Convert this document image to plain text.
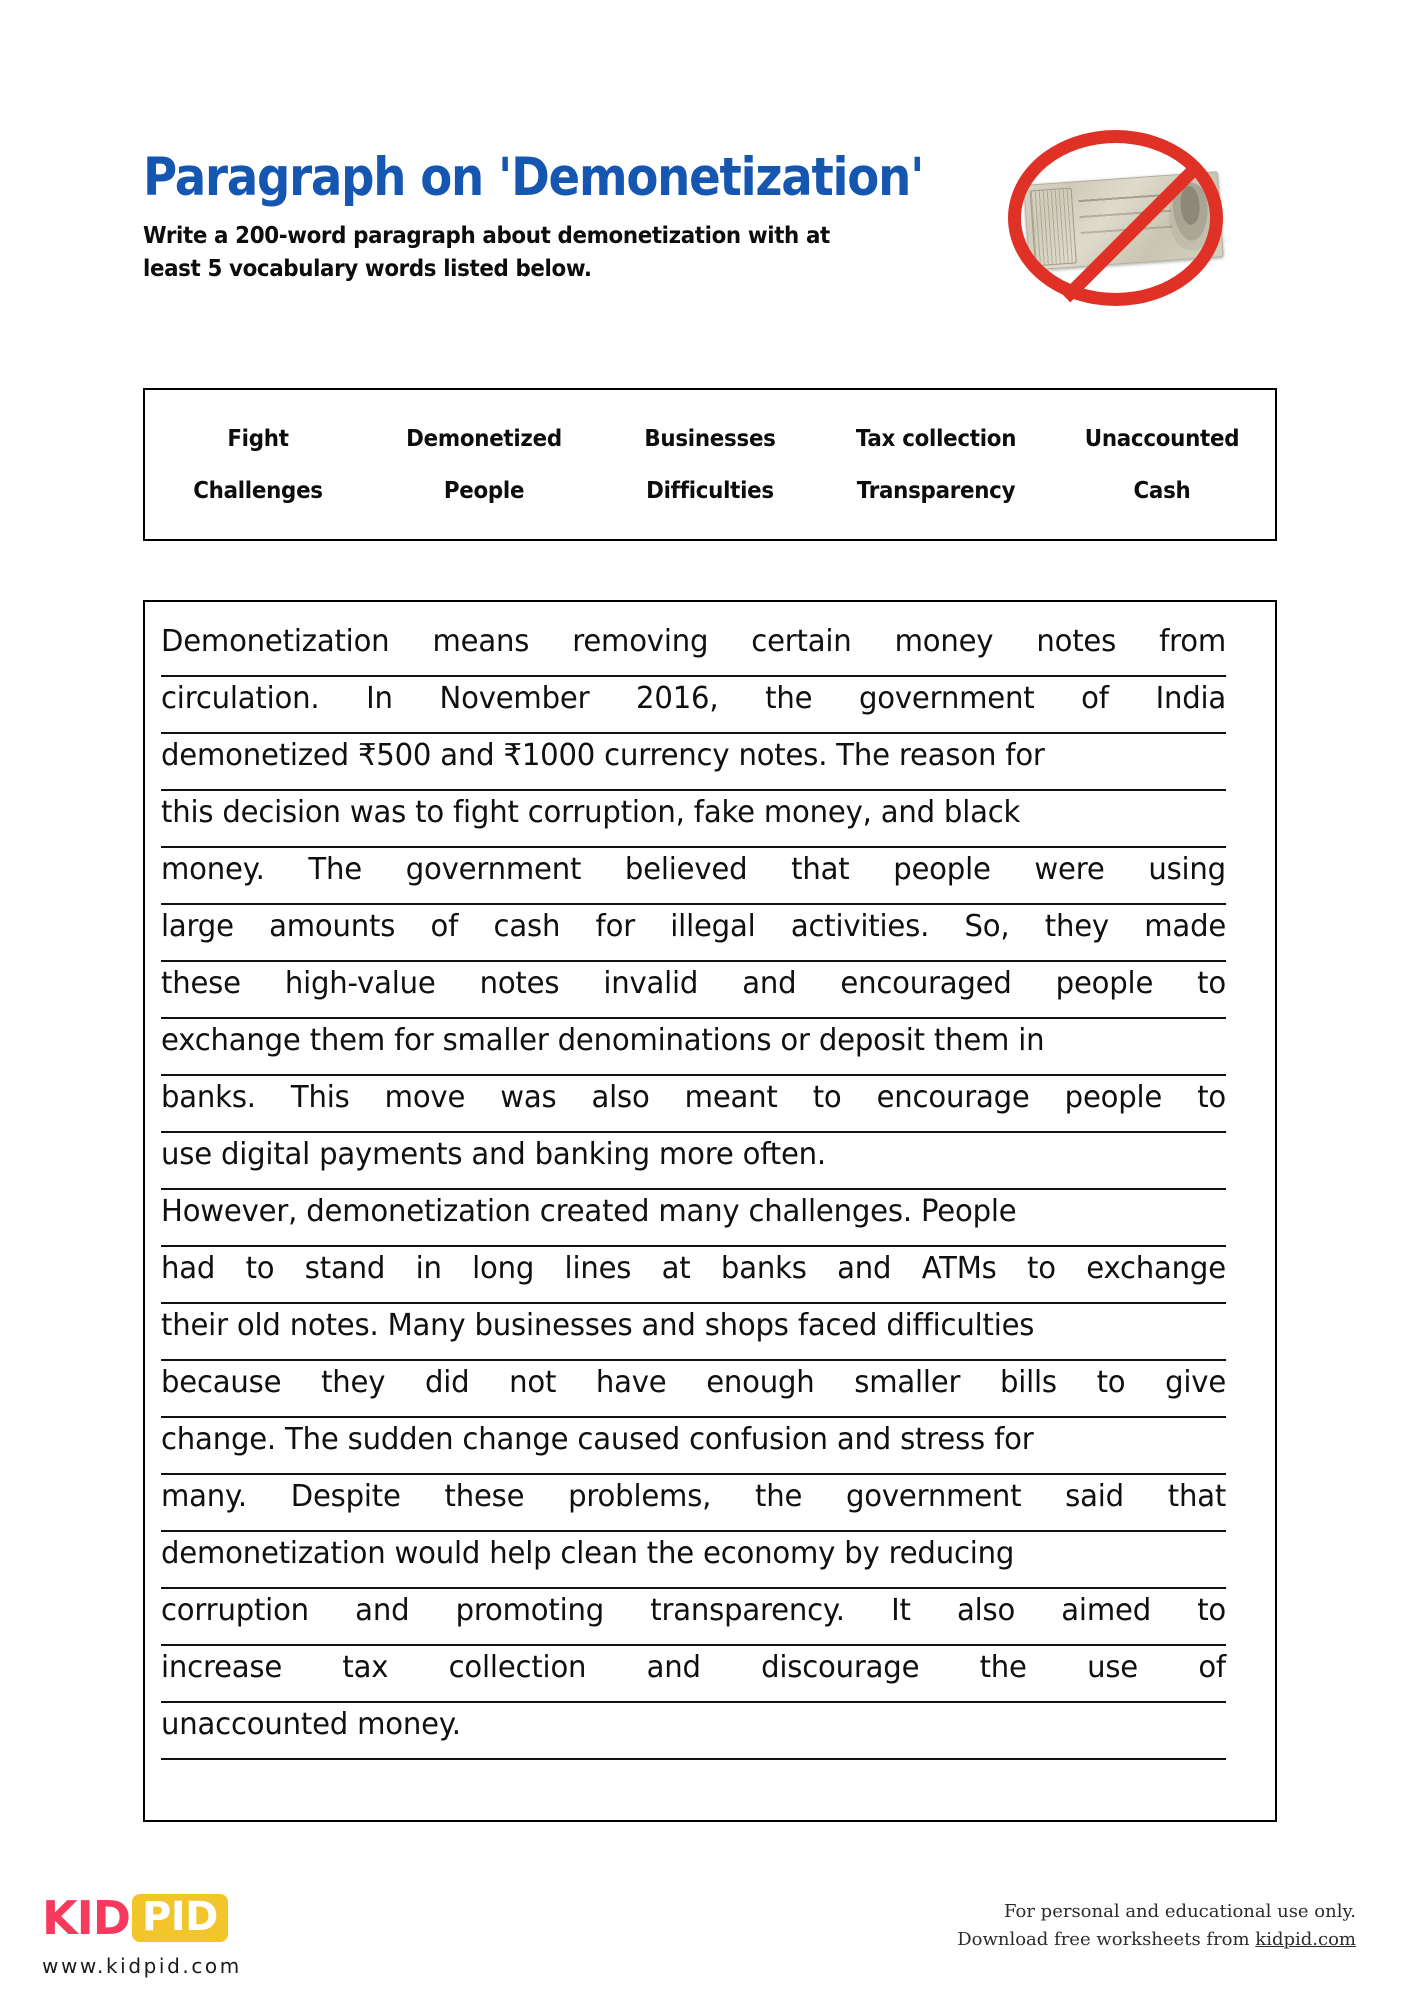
Paragraph on 'Demonetization'
Write a 200-word paragraph about demonetization with at
least 5 vocabulary words listed below.
Fight	Demonetized	Businesses	Tax collection	Unaccounted
Challenges	People	Difficulties	Transparency	Cash
Demonetization means removing certain money notes from
circulation. In November 2016, the government of India
demonetized ₹500 and ₹1000 currency notes. The reason for
this decision was to fight corruption, fake money, and black
money. The government believed that people were using
large amounts of cash for illegal activities. So, they made
these high-value notes invalid and encouraged people to
exchange them for smaller denominations or deposit them in
banks. This move was also meant to encourage people to
use digital payments and banking more often.
However, demonetization created many challenges. People
had to stand in long lines at banks and ATMs to exchange
their old notes. Many businesses and shops faced difficulties
because they did not have enough smaller bills to give
change. The sudden change caused confusion and stress for
many. Despite these problems, the government said that
demonetization would help clean the economy by reducing
corruption and promoting transparency. It also aimed to
increase tax collection and discourage the use of
unaccounted money.
KID PID
www.kidpid.com
For personal and educational use only.
Download free worksheets from kidpid.com
